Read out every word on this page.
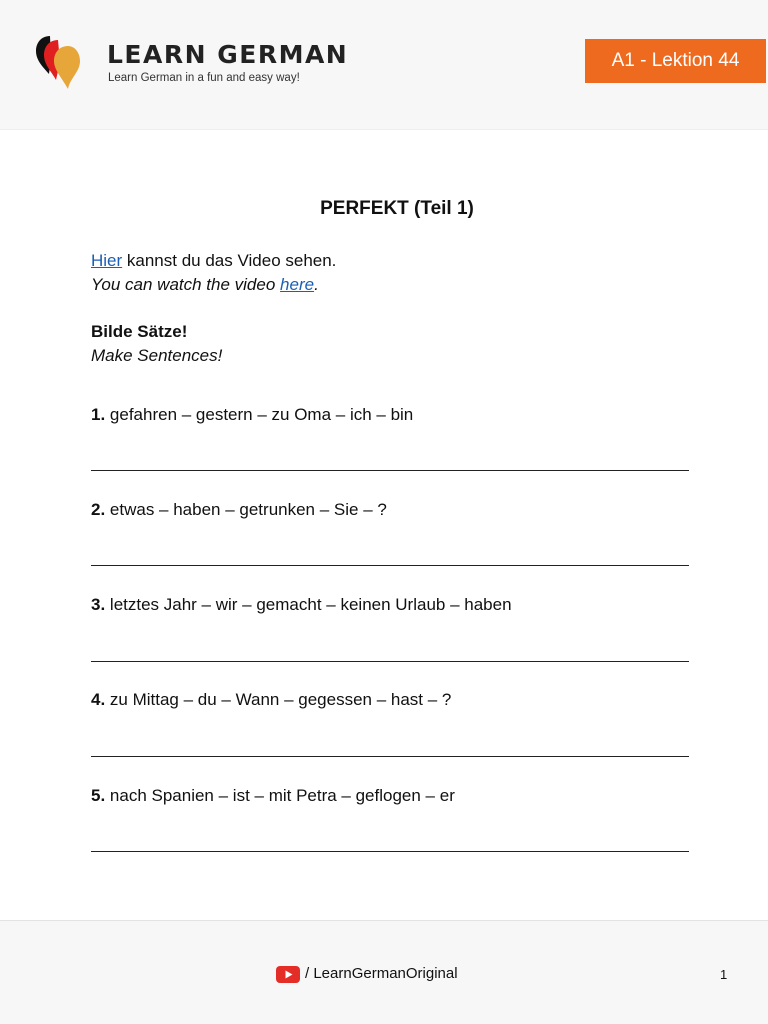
LEARN GERMAN
Learn German in a fun and easy way!
A1 - Lektion 44
PERFEKT (Teil 1)
Hier kannst du das Video sehen.
You can watch the video here.
Bilde Sätze!
Make Sentences!
1. gefahren – gestern – zu Oma – ich – bin
2. etwas – haben – getrunken – Sie – ?
3. letztes Jahr – wir – gemacht – keinen Urlaub – haben
4. zu Mittag – du – Wann – gegessen – hast – ?
5. nach Spanien – ist – mit Petra – geflogen – er
/ LearnGermanOriginal	1
